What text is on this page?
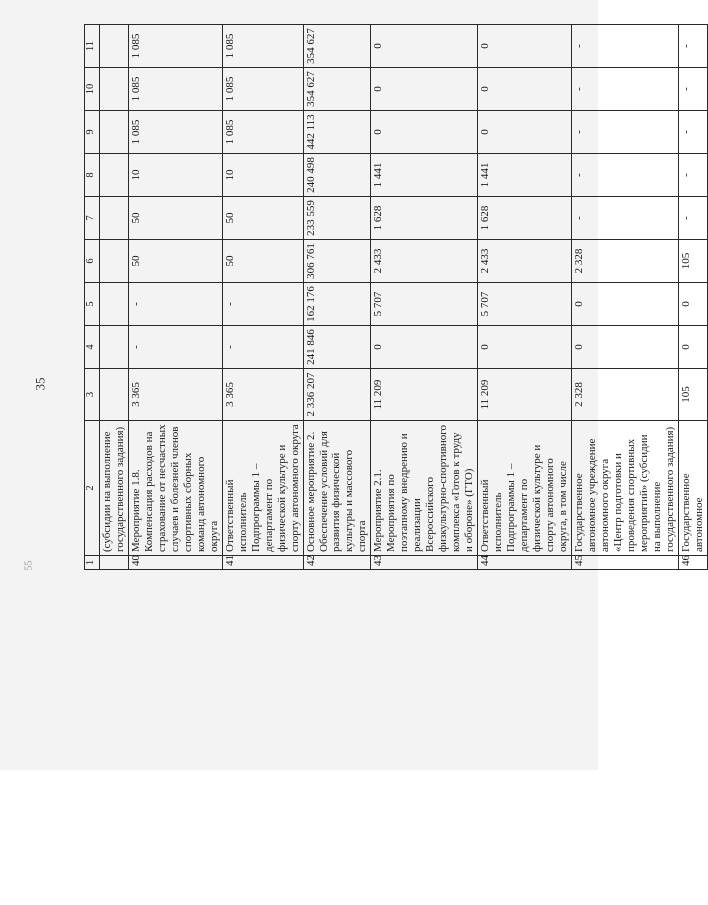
35
55	1	2	3	4	5	6	7	8	9	10	11
	(субсидии на выполнение государственного задания)									
40	Мероприятие 1.8. Компенсация расходов на страхование от несчастных случаев и болезней членов спортивных сборных команд автономного округа	3 365	-	-	50	50	10	1 085	1 085	1 085
41	Ответственный исполнитель Подпрограммы 1 – департамент по физической культуре и спорту автономного округа	3 365	-	-	50	50	10	1 085	1 085	1 085
42	Основное мероприятие 2. Обеспечение условий для развития физической культуры и массового спорта	2 336 207	241 846	162 176	306 761	233 559	240 498	442 113	354 627	354 627
43	Мероприятие 2.1. Мероприятия по поэтапному внедрению и реализации Всероссийского физкультурно-спортивного комплекса «Готов к труду и обороне» (ГТО)	11 209	0	5 707	2 433	1 628	1 441	0	0	0
44	Ответственный исполнитель Подпрограммы 1 – департамент по физической культуре и спорту автономного округа, в том числе	11 209	0	5 707	2 433	1 628	1 441	0	0	0
45	Государственное автономное учреждение автономного округа «Центр подготовки и проведения спортивных мероприятий» (субсидии на выполнение государственного задания)	2 328	0	0	2 328	-	-	-	-	-
46	Государственное автономное	105	0	0	105	-	-	-	-	-
